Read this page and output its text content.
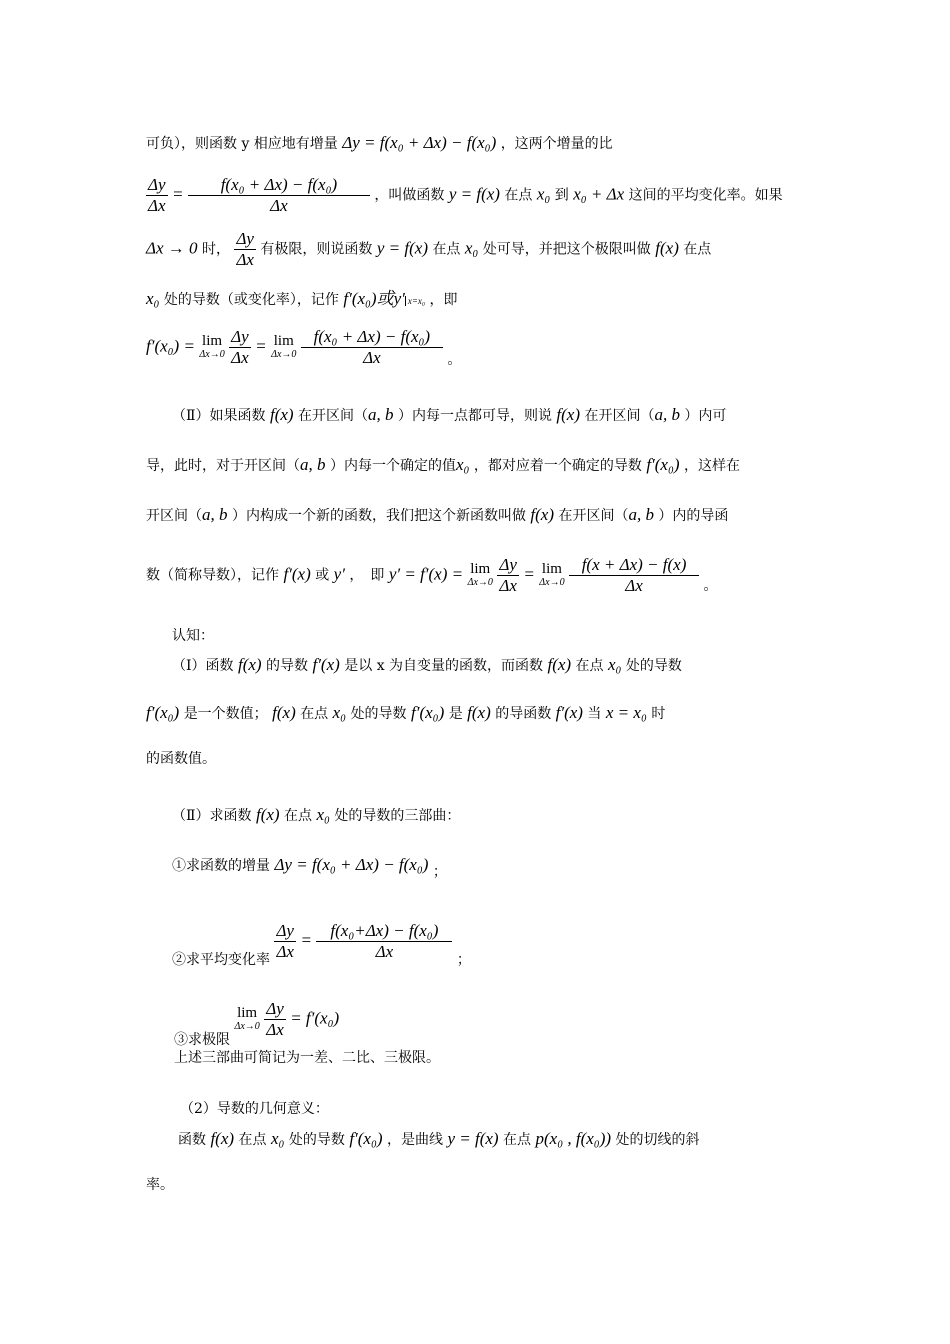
可负），则函数 y 相应地有增量 Δy = f(x₀ + Δx) − f(x₀) ，这两个增量的比
$\frac{\Delta y}{\Delta x} = \frac{\text{f(x₀ + Δx) − f(x₀)}}{\Delta x}$ ，叫做函数 y = f(x) 在点 x₀ 到 x₀ + Δx 这间的平均变化率。如果
Δx → 0 时， $\frac{\Delta y}{\Delta x}$ 有极限，则说函数 y = f(x) 在点 x₀ 处可导，并把这个极限叫做 f(x) 在点
x₀ 处的导数（或变化率），记作 f′(x₀)或y′ x=x₀ ，即
f′(x₀) = lim
Δx→0
$\frac{\Delta y}{\Delta x} = \lim$
Δx→0
$\frac{\text{f(x₀ + Δx) − f(x₀)}}{\Delta x}$ 。
（Ⅱ）如果函数 f(x) 在开区间（a, b ）内每一点都可导，则说 f(x) 在开区间（a, b ）内可
导，此时，对于开区间（a, b ）内每一个确定的值x₀ ，都对应着一个确定的导数 f′(x₀) ，这样在
开区间（a, b ）内构成一个新的函数，我们把这个新函数叫做 f(x) 在开区间（a, b ）内的导函
数（简称导数），记作 f′(x) 或 y′ ，　即 y′ = f′(x) = lim
Δx→0
$\frac{\Delta y}{\Delta x} = \lim$
Δx→0
$\frac{f(x + \Delta x) - f(x)}{\Delta x}$ 。
认知：
（Ⅰ）函数 f(x) 的导数 f′(x) 是以 x 为自变量的函数，而函数 f(x) 在点 x₀ 处的导数
f′(x₀) 是一个数值； f(x) 在点 x₀ 处的导数 f′(x₀) 是 f(x) 的导函数 f′(x) 当 x = x₀ 时
的函数值。
（Ⅱ）求函数 f(x) 在点 x₀ 处的导数的三部曲：
①求函数的增量 Δy = f(x₀ + Δx) − f(x₀) ；
②求平均变化率 $\frac{\Delta y}{\Delta x} = \frac{\text{f(x₀+Δx) − f(x₀)}}{\Delta x}$ ；
③求极限 lim
Δx→0
$\frac{\Delta y}{\Delta x} = f'(x_0)$
上述三部曲可简记为一差、二比、三极限。
（2）导数的几何意义：
函数 f(x) 在点 x₀ 处的导数 f′(x₀) ，是曲线 y = f(x) 在点 p(x₀ , f(x₀)) 处的切线的斜
率。
